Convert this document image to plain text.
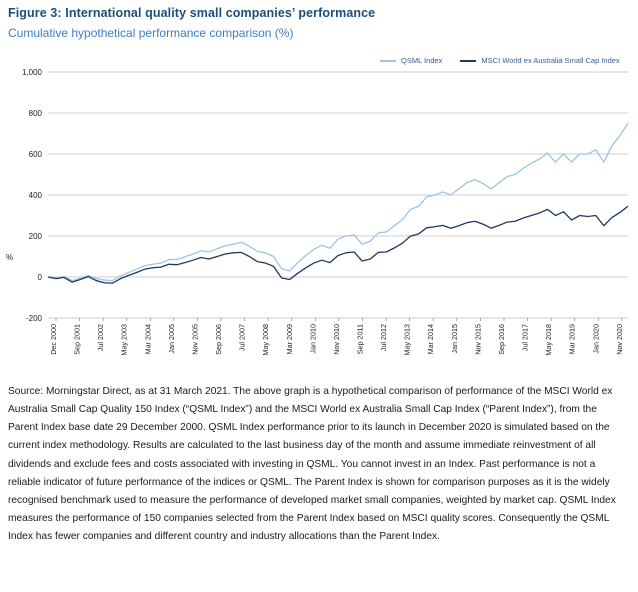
Figure 3: International quality small companies’ performance
Cumulative hypothetical performance comparison (%)
QSML Index	MSCI World ex Australia Small Cap Index
%
-200
0
200
400
600
800
1,000
Dec 2000 Sep 2001 Jul 2002 May 2003 Mar 2004 Jan 2005 Nov 2005 Sep 2006 Jul 2007 May 2008 Mar 2009 Jan 2010 Nov 2010 Sep 2011 Jul 2012 May 2013 Mar 2014 Jan 2015 Nov 2015 Sep 2016 Jul 2017 May 2018 Mar 2019 Jan 2020 Nov 2020
Source: Morningstar Direct, as at 31 March 2021. The above graph is a hypothetical comparison of performance of the MSCI World ex Australia Small Cap Quality 150 Index (“QSML Index”) and the MSCI World ex Australia Small Cap Index (“Parent Index”), from the Parent Index base date 29 December 2000. QSML Index performance prior to its launch in December 2020 is simulated based on the current index methodology. Results are calculated to the last business day of the month and assume immediate reinvestment of all dividends and exclude fees and costs associated with investing in QSML. You cannot invest in an Index. Past performance is not a reliable indicator of future performance of the indices or QSML. The Parent Index is shown for comparison purposes as it is the widely recognised benchmark used to measure the performance of developed market small companies, weighted by market cap. QSML Index measures the performance of 150 companies selected from the Parent Index based on MSCI quality scores. Consequently the QSML Index has fewer companies and different country and industry allocations than the Parent Index.
